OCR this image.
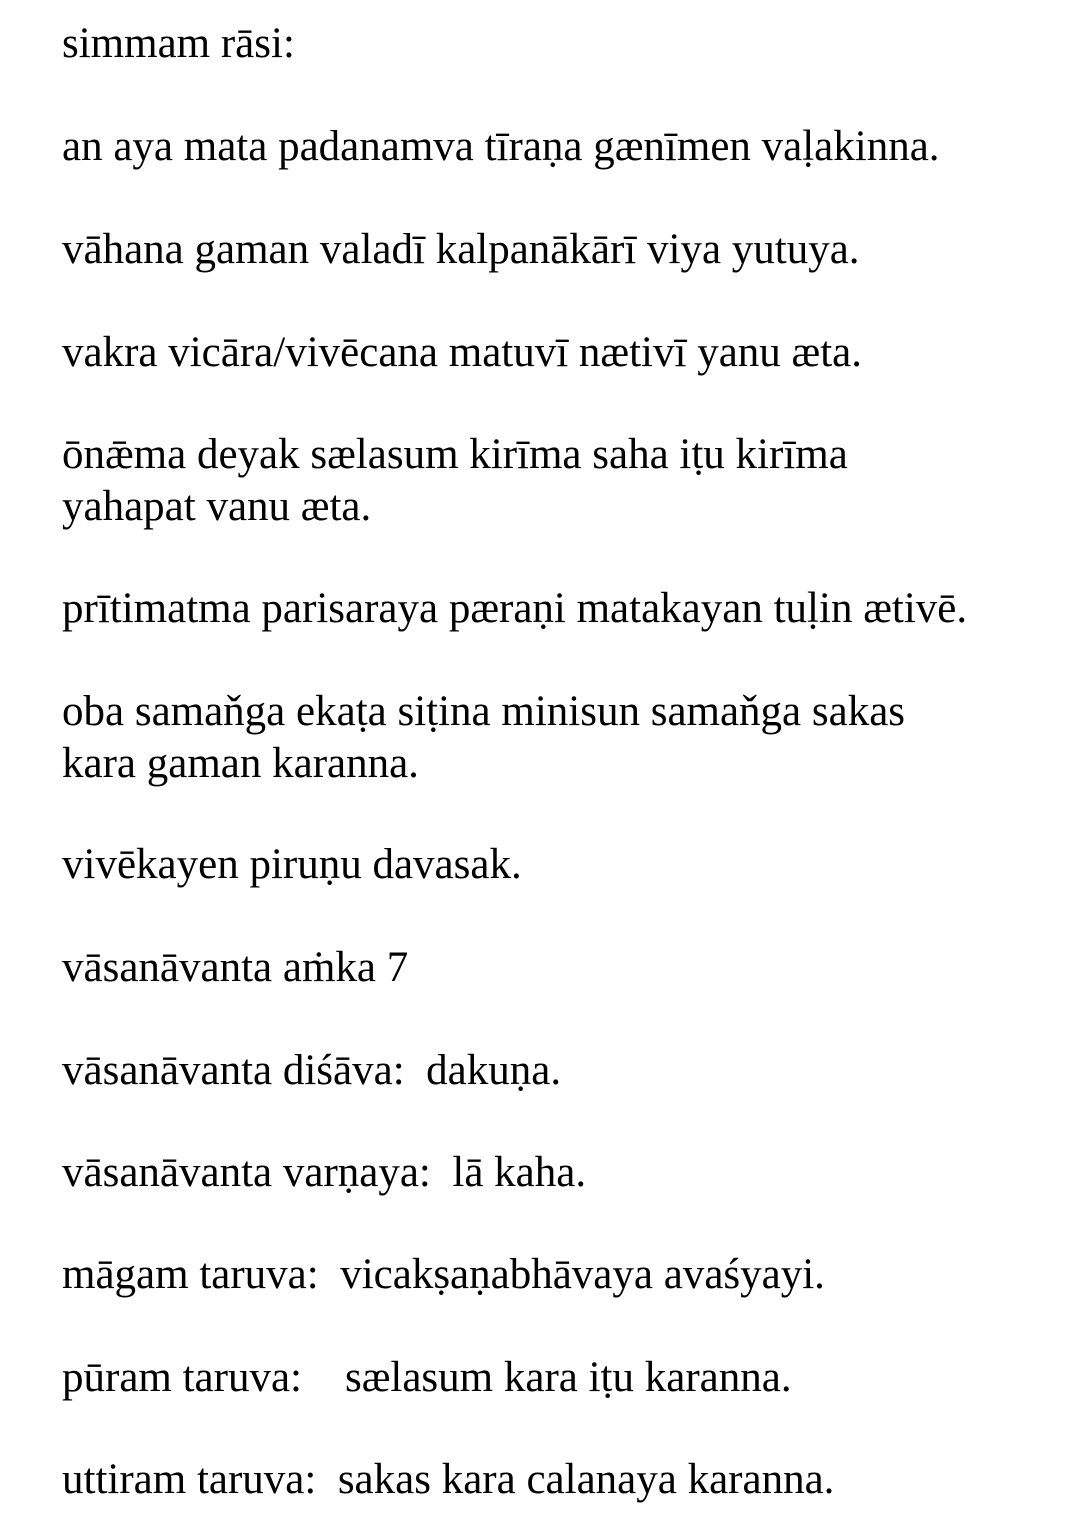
simmam rāsi:

an aya mata padanamva tīraṇa gænīmen vaḷakinna.

vāhana gaman valadī kalpanākārī viya yutuya.

vakra vicāra/vivēcana matuvī nætivī yanu æta.

ōnǣma deyak sælasum kirīma saha iṭu kirīma
yahapat vanu æta.

prītimatma parisaraya pæraṇi matakayan tuḷin ætivē.

oba samaňga ekaṭa siṭina minisun samaňga sakas
kara gaman karanna.

vivēkayen piruṇu davasak.

vāsanāvanta aṁka 7

vāsanāvanta diśāva:  dakuṇa.

vāsanāvanta varṇaya:  lā kaha.

māgam taruva:  vicakṣaṇabhāvaya avaśyayi.

pūram taruva:    sælasum kara iṭu karanna.

uttiram taruva:  sakas kara calanaya karanna.
